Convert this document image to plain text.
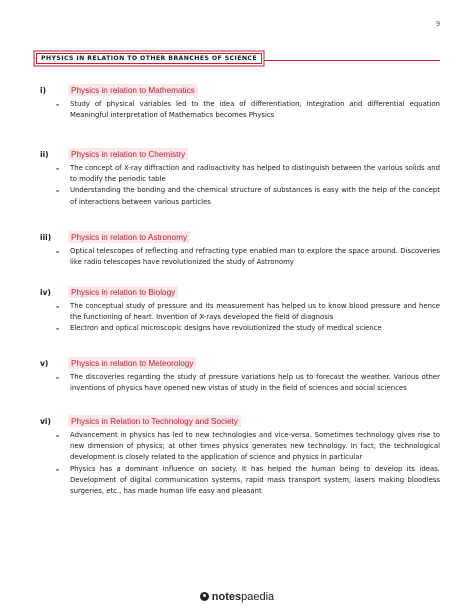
9
PHYSICS IN RELATION TO OTHER BRANCHES OF SCIENCE
i)	Physics in relation to Mathematics
- Study of physical variables led to the idea of differentiation, integration and differential equation Meaningful interpretation of Mathematics becomes Physics
ii)	Physics in relation to Chemistry
- The concept of X-ray diffraction and radioactivity has helped to distinguish between the various solids and to modify the periodic table
- Understanding the bonding and the chemical structure of substances is easy with the help of the concept of interactions between various particles
iii)	Physics in relation to Astronomy
- Optical telescopes of reflecting and refracting type enabled man to explore the space around. Discoveries like radio telescopes have revolutionized the study of Astronomy
iv)	Physics in relation to Biology
- The conceptual study of pressure and its measurement has helped us to know blood pressure and hence the functioning of heart. Invention of X-rays developed the field of diagnosis
- Electron and optical microscopic designs have revolutionized the study of medical science
v)	Physics in relation to Meteorology
- The discoveries regarding the study of pressure variations help us to forecast the weather. Various other inventions of physics have opened new vistas of study in the field of sciences and social sciences
vi)	Physics in Relation to Technology and Society
- Advancement in physics has led to new technologies and vice-versa. Sometimes technology gives rise to new dimension of physics; at other times physics generates new technology. In fact, the technological development is closely related to the application of science and physics in particular
- Physics has a dominant influence on society. It has helped the human being to develop its ideas. Development of digital communication systems, rapid mass transport system, lasers making bloodless surgeries, etc., has made human life easy and pleasant
notespaedia
